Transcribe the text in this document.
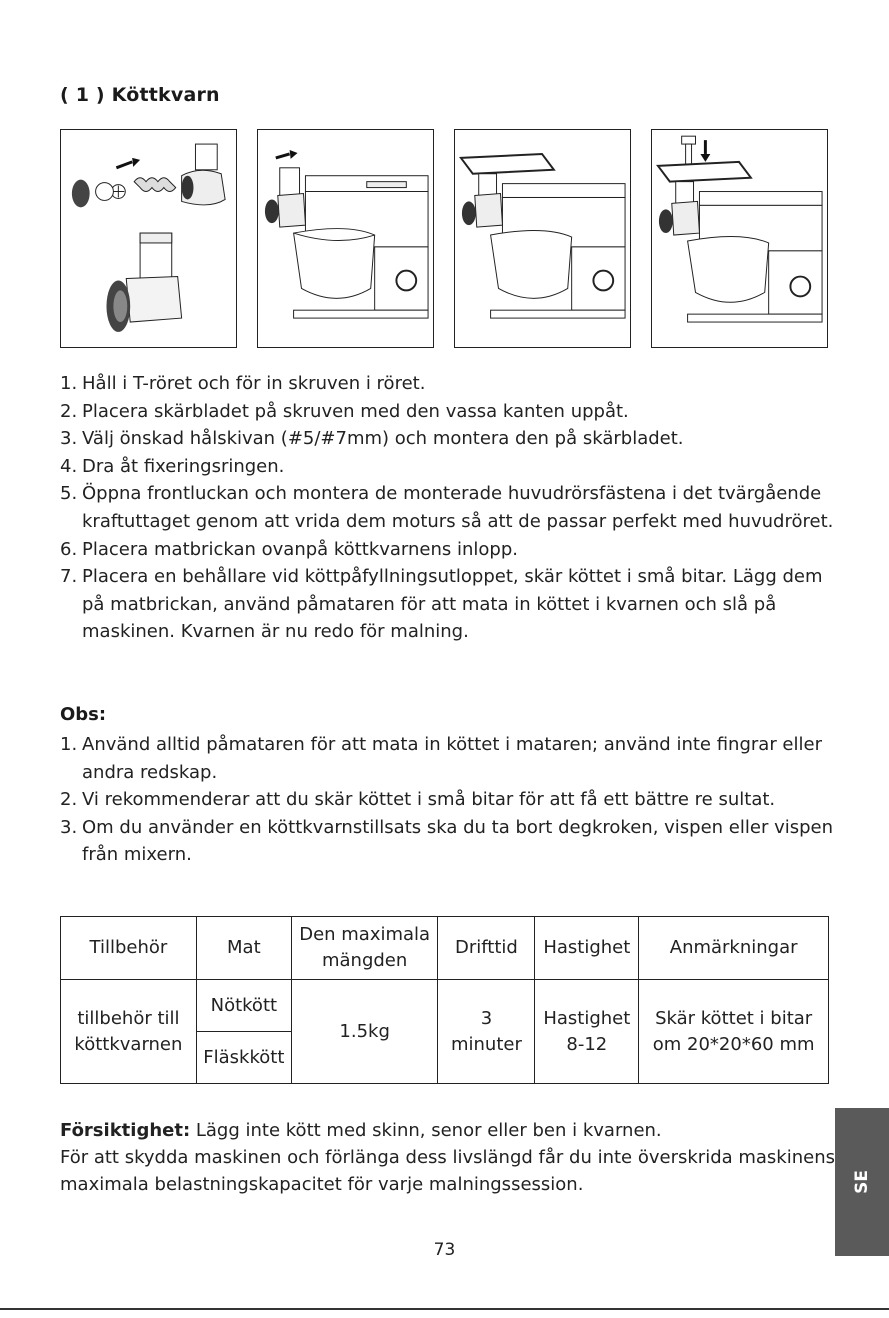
( 1 ) Köttkvarn
1. Håll i T-röret och för in skruven i röret.
2. Placera skärbladet på skruven med den vassa kanten uppåt.
3. Välj önskad hålskivan (#5/#7mm) och montera den på skärbladet.
4. Dra åt fixeringsringen.
5. Öppna frontluckan och montera de monterade huvudrörsfästena i det tvärgående kraftuttaget genom att vrida dem moturs så att de passar perfekt med huvudröret.
6. Placera matbrickan ovanpå köttkvarnens inlopp.
7. Placera en behållare vid köttpåfyllningsutloppet, skär köttet i små bitar. Lägg dem på matbrickan, använd påmataren för att mata in köttet i kvarnen och slå på maskinen. Kvarnen är nu redo för malning.
Obs:
1. Använd alltid påmataren för att mata in köttet i mataren; använd inte fingrar eller andra redskap.
2. Vi rekommenderar att du skär köttet i små bitar för att få ett bättre re sultat.
3. Om du använder en köttkvarnstillsats ska du ta bort degkroken, vispen eller vispen från mixern.
Tillbehör	Mat	Den maximala mängden	Drifttid	Hastighet	Anmärkningar
tillbehör till köttkvarnen	Nötkött	1.5kg	3 minuter	Hastighet 8-12	Skär köttet i bitar om 20*20*60 mm
	Fläskkött				
Försiktighet: Lägg inte kött med skinn, senor eller ben i kvarnen.
För att skydda maskinen och förlänga dess livslängd får du inte överskrida maskinens maximala belastningskapacitet för varje malningssession.
73
SE
